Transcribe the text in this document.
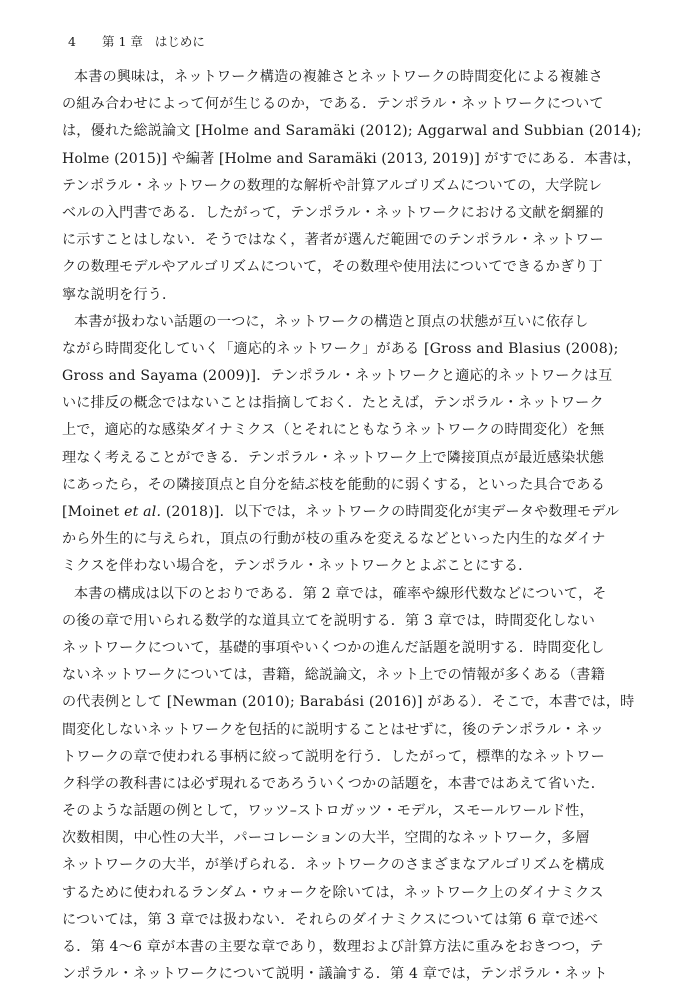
4 第 1 章 はじめに
本書の興味は，ネットワーク構造の複雑さとネットワークの時間変化による複雑さ
の組み合わせによって何が生じるのか，である．テンポラル・ネットワークについて
は，優れた総説論文 [Holme and Saramäki (2012); Aggarwal and Subbian (2014);
Holme (2015)] や編著 [Holme and Saramäki (2013, 2019)] がすでにある．本書は，
テンポラル・ネットワークの数理的な解析や計算アルゴリズムについての，大学院レ
ベルの入門書である．したがって，テンポラル・ネットワークにおける文献を網羅的
に示すことはしない．そうではなく，著者が選んだ範囲でのテンポラル・ネットワー
クの数理モデルやアルゴリズムについて，その数理や使用法についてできるかぎり丁
寧な説明を行う．
本書が扱わない話題の一つに，ネットワークの構造と頂点の状態が互いに依存し
ながら時間変化していく「適応的ネットワーク」がある [Gross and Blasius (2008);
Gross and Sayama (2009)]．テンポラル・ネットワークと適応的ネットワークは互
いに排反の概念ではないことは指摘しておく．たとえば，テンポラル・ネットワーク
上で，適応的な感染ダイナミクス（とそれにともなうネットワークの時間変化）を無
理なく考えることができる．テンポラル・ネットワーク上で隣接頂点が最近感染状態
にあったら，その隣接頂点と自分を結ぶ枝を能動的に弱くする，といった具合である
[Moinet et al. (2018)]．以下では，ネットワークの時間変化が実データや数理モデル
から外生的に与えられ，頂点の行動が枝の重みを変えるなどといった内生的なダイナ
ミクスを伴わない場合を，テンポラル・ネットワークとよぶことにする．
本書の構成は以下のとおりである．第 2 章では，確率や線形代数などについて，そ
の後の章で用いられる数学的な道具立てを説明する．第 3 章では，時間変化しない
ネットワークについて，基礎的事項やいくつかの進んだ話題を説明する．時間変化し
ないネットワークについては，書籍，総説論文，ネット上での情報が多くある（書籍
の代表例として [Newman (2010); Barabási (2016)] がある）．そこで，本書では，時
間変化しないネットワークを包括的に説明することはせずに，後のテンポラル・ネッ
トワークの章で使われる事柄に絞って説明を行う．したがって，標準的なネットワー
ク科学の教科書には必ず現れるであろういくつかの話題を，本書ではあえて省いた．
そのような話題の例として，ワッツ–ストロガッツ・モデル，スモールワールド性，
次数相関，中心性の大半，パーコレーションの大半，空間的なネットワーク，多層
ネットワークの大半，が挙げられる．ネットワークのさまざまなアルゴリズムを構成
するために使われるランダム・ウォークを除いては，ネットワーク上のダイナミクス
については，第 3 章では扱わない．それらのダイナミクスについては第 6 章で述べ
る．第 4〜6 章が本書の主要な章であり，数理および計算方法に重みをおきつつ，テ
ンポラル・ネットワークについて説明・議論する．第 4 章では，テンポラル・ネット
